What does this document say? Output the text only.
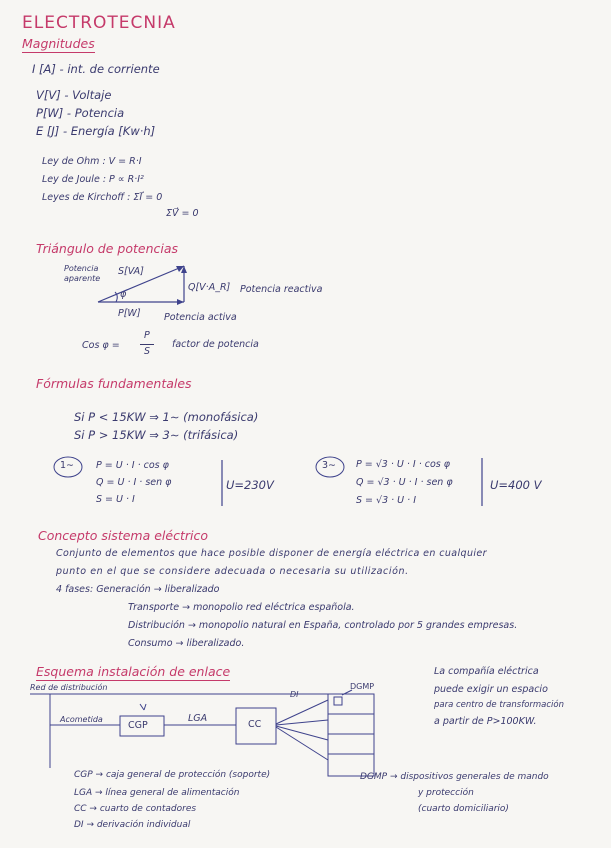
ELECTROTECNIA
Magnitudes
I [A] - int. de corriente
V[V] - Voltaje
P[W] - Potencia
E [J] - Energía [Kw·h]
Ley de Ohm : V = R·I
Ley de Joule : P ∝ R·I²
Leyes de Kirchoff : ΣI⃗ = 0
ΣV⃗ = 0
Triángulo de potencias
Potencia
aparente
S[VA]
φ
Q[V·A_R] Potencia reactiva
P[W] Potencia activa
Cos φ =
P
S
factor de potencia
Fórmulas fundamentales
Si P < 15KW ⇒ 1∼ (monofásica)
Si P > 15KW ⇒ 3∼ (trifásica)
1∼ P = U · I · cos φ
Q = U · I · sen φ
S = U · I
U=230V
3∼ P = √3 · U · I · cos φ
Q = √3 · U · I · sen φ
S = √3 · U · I
U=400 V
Concepto sistema eléctrico
Conjunto de elementos que hace posible disponer de energía eléctrica en cualquier
punto en el que se considere adecuada o necesaria su utilización.
4 fases: Generación → liberalizado
Transporte → monopolio red eléctrica española.
Distribución → monopolio natural en España, controlado por 5 grandes empresas.
Consumo → liberalizado.
Esquema instalación de enlace
Red de distribución
Acometida
CGP
LGA
CC
DI
DGMP
La compañía eléctrica
puede exigir un espacio
para centro de transformación
a partir de P>100KW.
CGP → caja general de protección (soporte)
LGA → línea general de alimentación
CC → cuarto de contadores
DI → derivación individual
DGMP → dispositivos generales de mando
y protección
(cuarto domiciliario)
